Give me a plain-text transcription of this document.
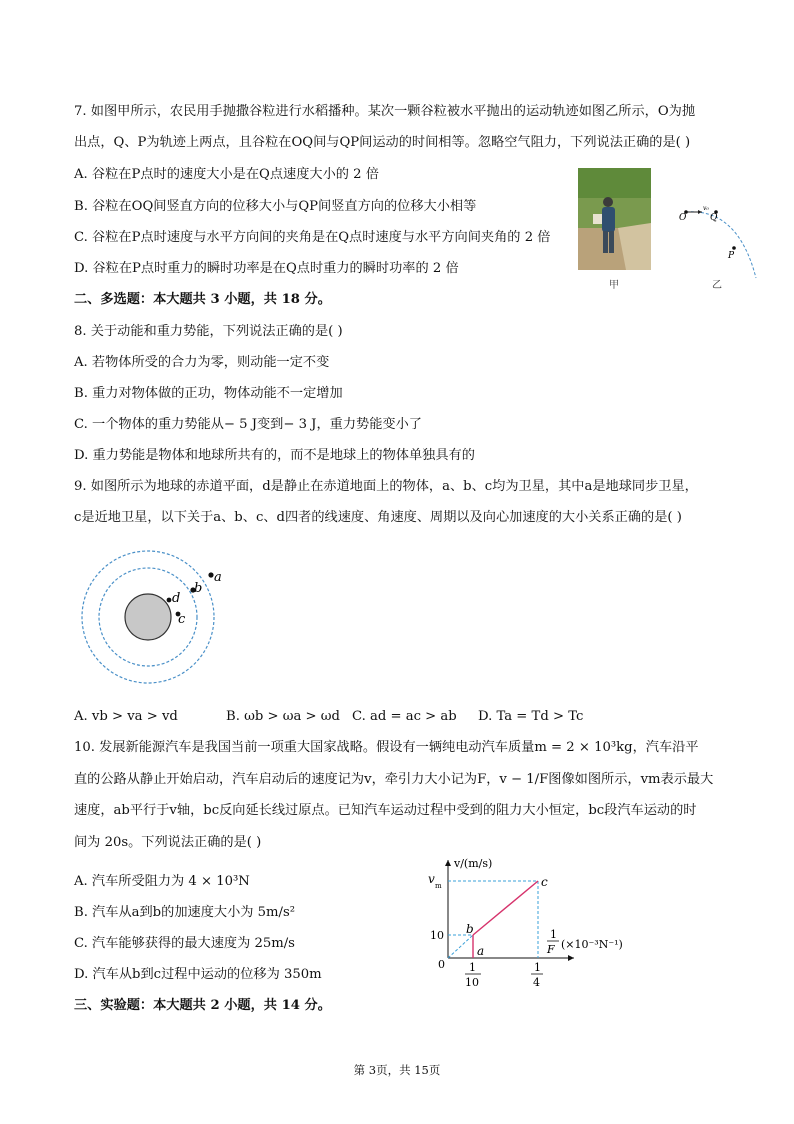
7. 如图甲所示，农民用手抛撒谷粒进行水稻播种。某次一颗谷粒被水平抛出的运动轨迹如图乙所示，O为抛
出点，Q、P为轨迹上两点，且谷粒在OQ间与QP间运动的时间相等。忽略空气阻力，下列说法正确的是( )
A. 谷粒在P点时的速度大小是在Q点速度大小的 2 倍
B. 谷粒在OQ间竖直方向的位移大小与QP间竖直方向的位移大小相等
C. 谷粒在P点时速度与水平方向间的夹角是在Q点时速度与水平方向间夹角的 2 倍
D. 谷粒在P点时重力的瞬时功率是在Q点时重力的瞬时功率的 2 倍
甲
O
v₀
Q
P
乙
二、多选题：本大题共 3 小题，共 18 分。
8. 关于动能和重力势能，下列说法正确的是( )
A. 若物体所受的合力为零，则动能一定不变
B. 重力对物体做的正功，物体动能不一定增加
C. 一个物体的重力势能从− 5 J变到− 3 J，重力势能变小了
D. 重力势能是物体和地球所共有的，而不是地球上的物体单独具有的
9. 如图所示为地球的赤道平面，d是静止在赤道地面上的物体，a、b、c均为卫星，其中a是地球同步卫星，
c是近地卫星，以下关于a、b、c、d四者的线速度、角速度、周期以及向心加速度的大小关系正确的是( )
a
b
d
c
A. vb > va > vd	B. ωb > ωa > ωd C. ad = ac > ab D. Ta = Td > Tc
10. 发展新能源汽车是我国当前一项重大国家战略。假设有一辆纯电动汽车质量m = 2 × 10³kg，汽车沿平
直的公路从静止开始启动，汽车启动后的速度记为v，牵引力大小记为F，v − 1/F图像如图所示，vm表示最大
速度，ab平行于v轴，bc反向延长线过原点。已知汽车运动过程中受到的阻力大小恒定，bc段汽车运动的时
间为 20s。下列说法正确的是( )
A. 汽车所受阻力为 4 × 10³N
B. 汽车从a到b的加速度大小为 5m/s²
C. 汽车能够获得的最大速度为 25m/s
D. 汽车从b到c过程中运动的位移为 350m
v/(m/s)
v m
10
0
b
a
c
1
10
1
4
1
F (×10⁻³N⁻¹)
三、实验题：本大题共 2 小题，共 14 分。
第 3页，共 15页
